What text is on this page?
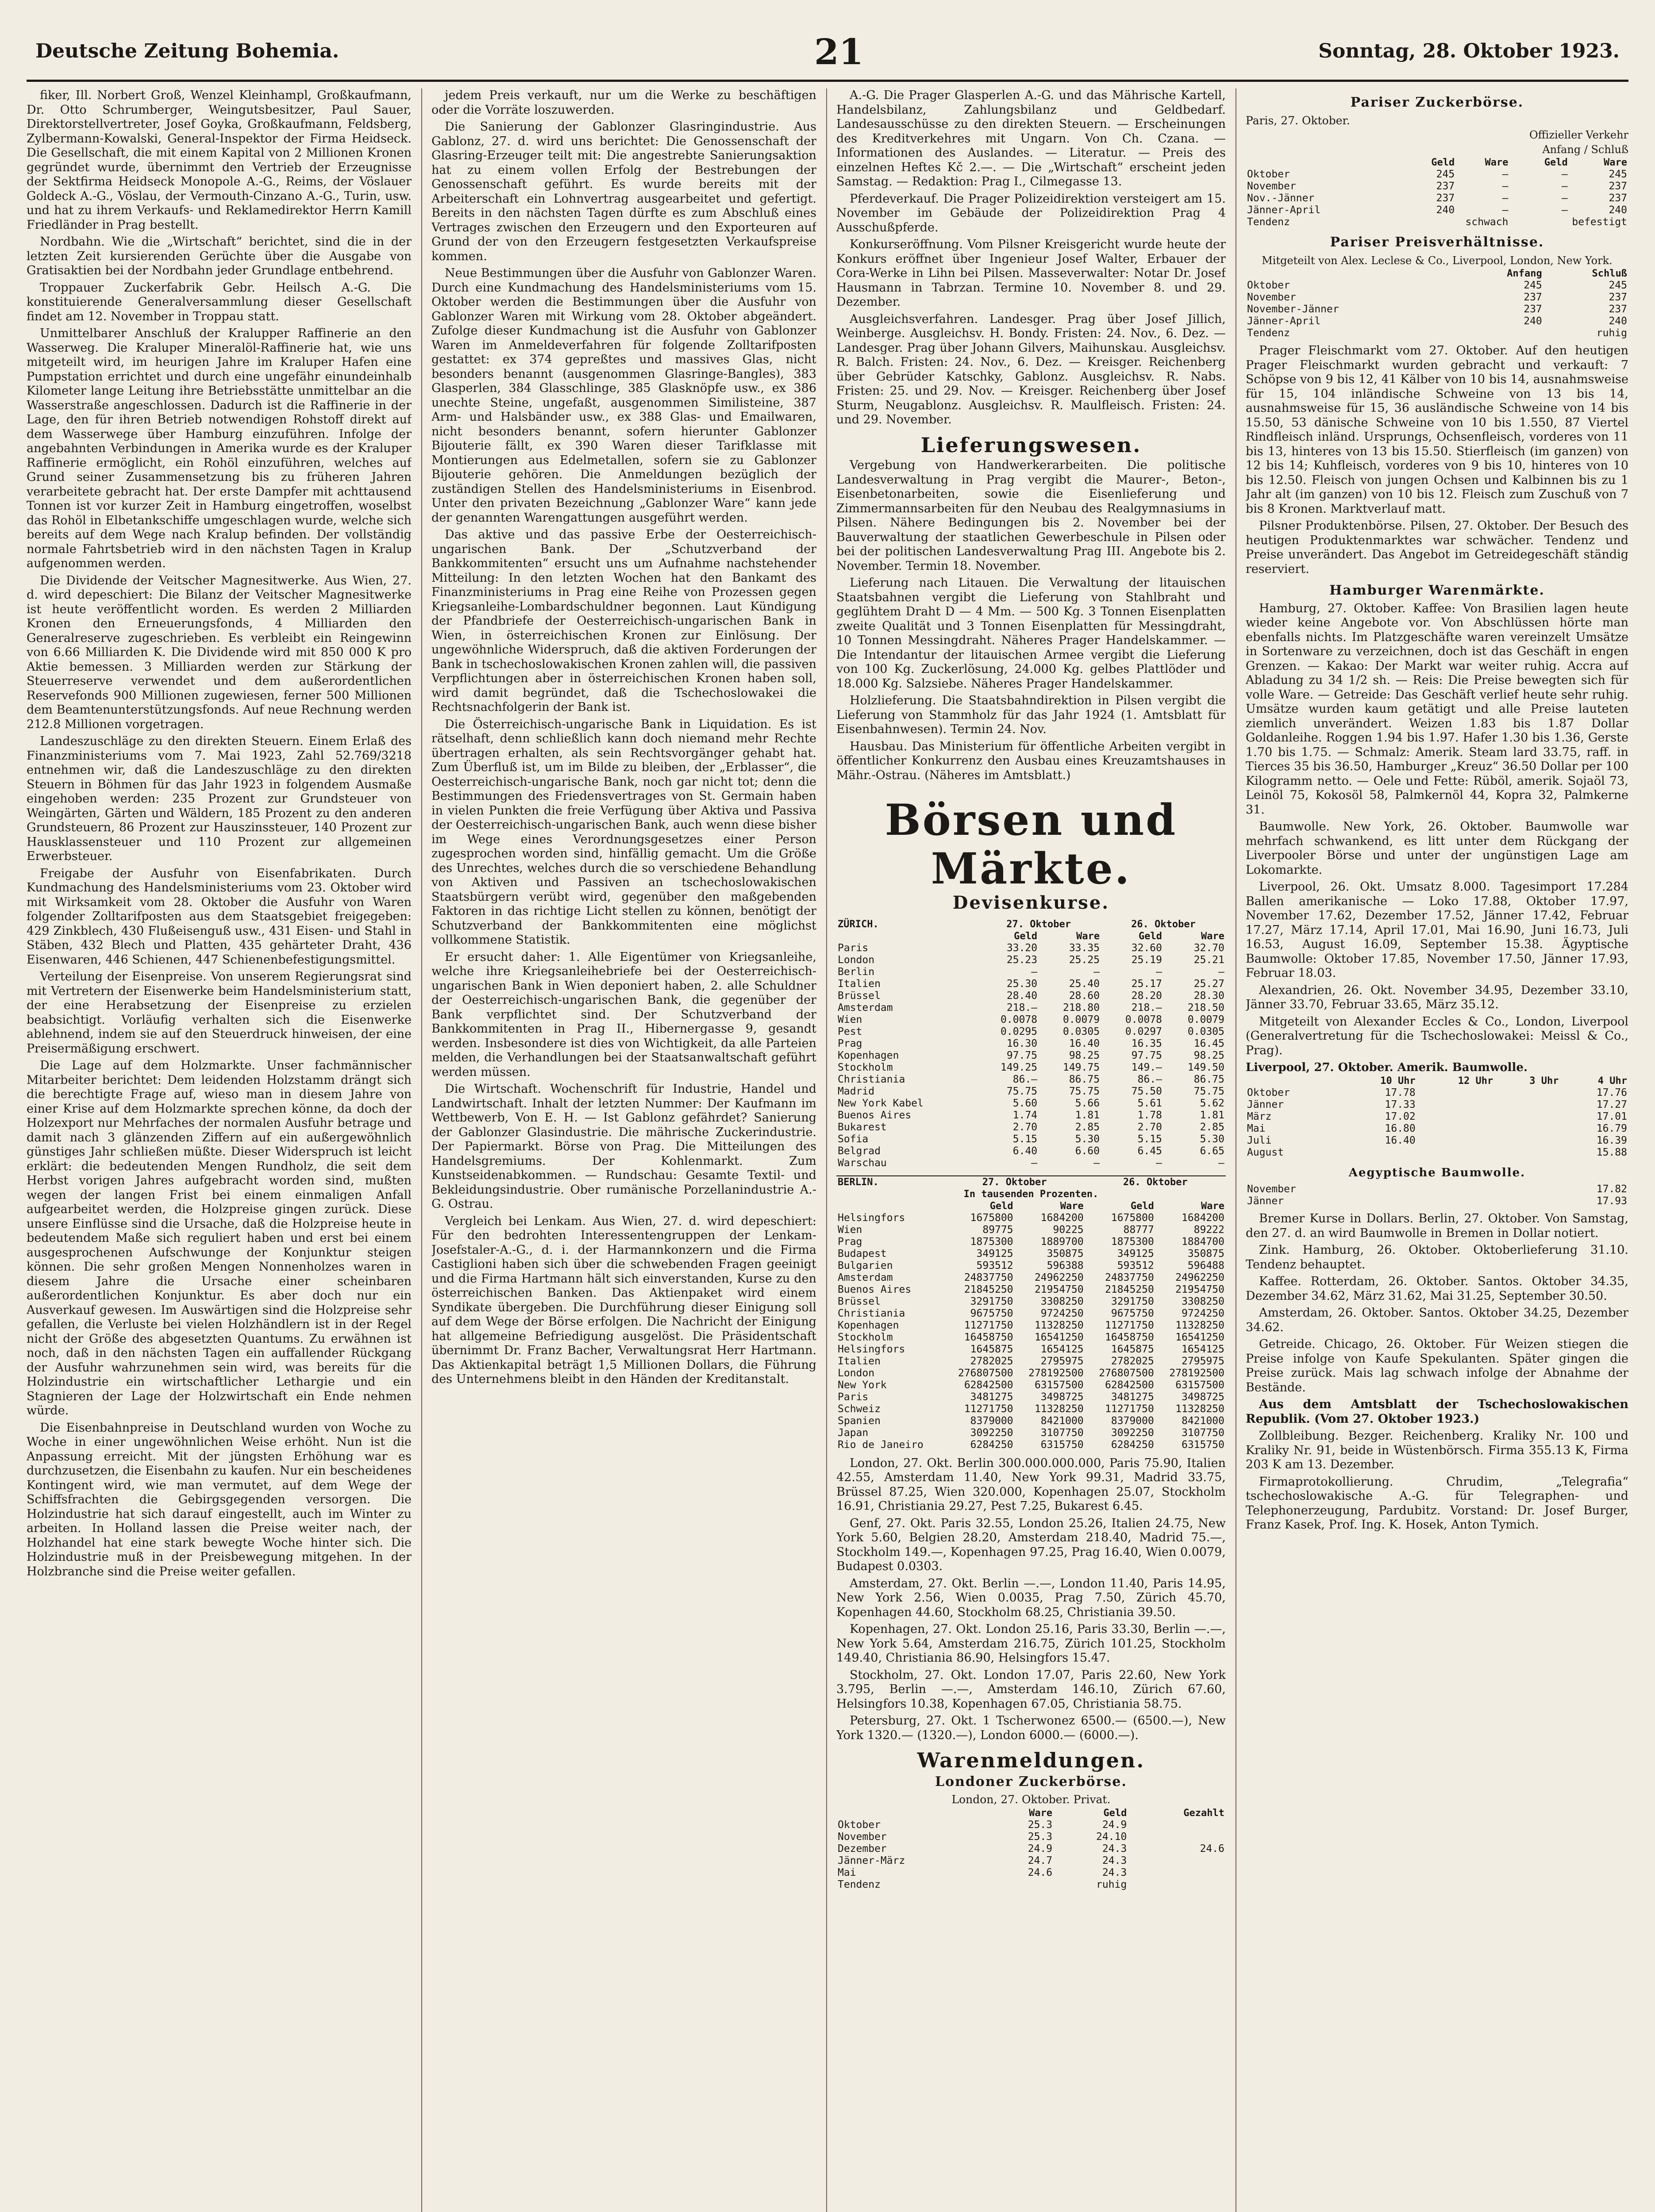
Deutsche Zeitung Bohemia.	21	Sonntag, 28. Oktober 1923.

fiker, Ill. Norbert Groß, Wenzel Kleinhampl, Großkaufmann, Dr. Otto Schrumberger, Weingutsbesitzer, Paul Sauer, Direktorstellvertreter, Josef Goyka, Großkaufmann, Feldsberg, Zylbermann-Kowalski, General-Inspektor der Firma Heidseck. Die Gesellschaft, die mit einem Kapital von 2 Millionen Kronen gegründet wurde, übernimmt den Vertrieb der Erzeugnisse der Sektfirma Heidseck Monopole A.-G., Reims, der Vöslauer Goldeck A.-G., Vöslau, der Vermouth-Cinzano A.-G., Turin, usw. und hat zu ihrem Verkaufs- und Reklamedirektor Herrn Kamill Friedländer in Prag bestellt.

Nordbahn. Wie die „Wirtschaft“ berichtet, sind die in der letzten Zeit kursierenden Gerüchte über die Ausgabe von Gratisaktien bei der Nordbahn jeder Grundlage entbehrend.

Troppauer Zuckerfabrik Gebr. Heilsch A.-G. Die konstituierende Generalversammlung dieser Gesellschaft findet am 12. November in Troppau statt.

Unmittelbarer Anschluß der Kralupper Raffinerie an den Wasserweg. Die Kraluper Mineralöl-Raffinerie hat, wie uns mitgeteilt wird, im heurigen Jahre im Kraluper Hafen eine Pumpstation errichtet und durch eine ungefähr einundeinhalb Kilometer lange Leitung ihre Betriebsstätte unmittelbar an die Wasserstraße angeschlossen. Dadurch ist die Raffinerie in der Lage, den für ihren Betrieb notwendigen Rohstoff direkt auf dem Wasserwege über Hamburg einzuführen. Infolge der angebahnten Verbindungen in Amerika wurde es der Kraluper Raffinerie ermöglicht, ein Rohöl einzuführen, welches auf Grund seiner Zusammensetzung bis zu früheren Jahren verarbeitete gebracht hat. Der erste Dampfer mit achttausend Tonnen ist vor kurzer Zeit in Hamburg eingetroffen, woselbst das Rohöl in Elbetankschiffe umgeschlagen wurde, welche sich bereits auf dem Wege nach Kralup befinden. Der vollständig normale Fahrtsbetrieb wird in den nächsten Tagen in Kralup aufgenommen werden.

Die Dividende der Veitscher Magnesitwerke. Aus Wien, 27. d. wird depeschiert: Die Bilanz der Veitscher Magnesitwerke ist heute veröffentlicht worden. Es werden 2 Milliarden Kronen den Erneuerungsfonds, 4 Milliarden den Generalreserve zugeschrieben. Es verbleibt ein Reingewinn von 6.66 Milliarden K. Die Dividende wird mit 850 000 K pro Aktie bemessen. 3 Milliarden werden zur Stärkung der Steuerreserve verwendet und dem außerordentlichen Reservefonds 900 Millionen zugewiesen, ferner 500 Millionen dem Beamtenunterstützungsfonds. Auf neue Rechnung werden 212.8 Millionen vorgetragen.

Landeszuschläge zu den direkten Steuern. Einem Erlaß des Finanzministeriums vom 7. Mai 1923, Zahl 52.769/3218 entnehmen wir, daß die Landeszuschläge zu den direkten Steuern in Böhmen für das Jahr 1923 in folgendem Ausmaße eingehoben werden: 235 Prozent zur Grundsteuer von Weingärten, Gärten und Wäldern, 185 Prozent zu den anderen Grundsteuern, 86 Prozent zur Hauszinssteuer, 140 Prozent zur Hausklassensteuer und 110 Prozent zur allgemeinen Erwerbsteuer.

Freigabe der Ausfuhr von Eisenfabrikaten. Durch Kundmachung des Handelsministeriums vom 23. Oktober wird mit Wirksamkeit vom 28. Oktober die Ausfuhr von Waren folgender Zolltarifposten aus dem Staatsgebiet freigegeben: 429 Zinkblech, 430 Flußeisenguß usw., 431 Eisen- und Stahl in Stäben, 432 Blech und Platten, 435 gehärteter Draht, 436 Eisenwaren, 446 Schienen, 447 Schienenbefestigungsmittel.

Verteilung der Eisenpreise. Von unserem Regierungsrat sind mit Vertretern der Eisenwerke beim Handelsministerium statt, der eine Herabsetzung der Eisenpreise zu erzielen beabsichtigt. Vorläufig verhalten sich die Eisenwerke ablehnend, indem sie auf den Steuerdruck hinweisen, der eine Preisermäßigung erschwert.

Die Lage auf dem Holzmarkte. Unser fachmännischer Mitarbeiter berichtet: Dem leidenden Holzstamm drängt sich die berechtigte Frage auf, wieso man in diesem Jahre von einer Krise auf dem Holzmarkte sprechen könne, da doch der Holzexport nur Mehrfaches der normalen Ausfuhr betrage und damit nach 3 glänzenden Ziffern auf ein außergewöhnlich günstiges Jahr schließen müßte. Dieser Widerspruch ist leicht erklärt: die bedeutenden Mengen Rundholz, die seit dem Herbst vorigen Jahres aufgebracht worden sind, mußten wegen der langen Frist bei einem einmaligen Anfall aufgearbeitet werden, die Holzpreise gingen zurück. Diese unsere Einflüsse sind die Ursache, daß die Holzpreise heute in bedeutendem Maße sich reguliert haben und erst bei einem ausgesprochenen Aufschwunge der Konjunktur steigen können. Die sehr großen Mengen Nonnenholzes waren in diesem Jahre die Ursache einer scheinbaren außerordentlichen Konjunktur. Es aber doch nur ein Ausverkauf gewesen. Im Auswärtigen sind die Holzpreise sehr gefallen, die Verluste bei vielen Holzhändlern ist in der Regel nicht der Größe des abgesetzten Quantums. Zu erwähnen ist noch, daß in den nächsten Tagen ein auffallender Rückgang der Ausfuhr wahrzunehmen sein wird, was bereits für die Holzindustrie ein wirtschaftlicher Lethargie und ein Stagnieren der Lage der Holzwirtschaft ein Ende nehmen würde.

Die Eisenbahnpreise in Deutschland wurden von Woche zu Woche in einer ungewöhnlichen Weise erhöht. Nun ist die Anpassung erreicht. Mit der jüngsten Erhöhung war es durchzusetzen, die Eisenbahn zu kaufen. Nur ein bescheidenes Kontingent wird, wie man vermutet, auf dem Wege der Schiffsfrachten die Gebirgsgegenden versorgen. Die Holzindustrie hat sich darauf eingestellt, auch im Winter zu arbeiten. In Holland lassen die Preise weiter nach, der Holzhandel hat eine stark bewegte Woche hinter sich. Die Holzindustrie muß in der Preisbewegung mitgehen. In der Holzbranche sind die Preise weiter gefallen.

jedem Preis verkauft, nur um die Werke zu beschäftigen oder die Vorräte loszuwerden.

Die Sanierung der Gablonzer Glasringindustrie. Aus Gablonz, 27. d. wird uns berichtet: Die Genossenschaft der Glasring-Erzeuger teilt mit: Die angestrebte Sanierungsaktion hat zu einem vollen Erfolg der Bestrebungen der Genossenschaft geführt. Es wurde bereits mit der Arbeiterschaft ein Lohnvertrag ausgearbeitet und gefertigt. Bereits in den nächsten Tagen dürfte es zum Abschluß eines Vertrages zwischen den Erzeugern und den Exporteuren auf Grund der von den Erzeugern festgesetzten Verkaufspreise kommen.

Neue Bestimmungen über die Ausfuhr von Gablonzer Waren. Durch eine Kundmachung des Handelsministeriums vom 15. Oktober werden die Bestimmungen über die Ausfuhr von Gablonzer Waren mit Wirkung vom 28. Oktober abgeändert. Zufolge dieser Kundmachung ist die Ausfuhr von Gablonzer Waren im Anmeldeverfahren für folgende Zolltarifposten gestattet: ex 374 gepreßtes und massives Glas, nicht besonders benannt (ausgenommen Glasringe-Bangles), 383 Glasperlen, 384 Glasschlinge, 385 Glasknöpfe usw., ex 386 unechte Steine, ungefaßt, ausgenommen Similisteine, 387 Arm- und Halsbänder usw., ex 388 Glas- und Emailwaren, nicht besonders benannt, sofern hierunter Gablonzer Bijouterie fällt, ex 390 Waren dieser Tarifklasse mit Montierungen aus Edelmetallen, sofern sie zu Gablonzer Bijouterie gehören. Die Anmeldungen bezüglich der zuständigen Stellen des Handelsministeriums in Eisenbrod. Unter den privaten Bezeichnung „Gablonzer Ware“ kann jede der genannten Warengattungen ausgeführt werden.

Das aktive und das passive Erbe der Oesterreichisch-ungarischen Bank. Der „Schutzverband der Bankkommitenten“ ersucht uns um Aufnahme nachstehender Mitteilung: In den letzten Wochen hat den Bankamt des Finanzministeriums in Prag eine Reihe von Prozessen gegen Kriegsanleihe-Lombardschuldner begonnen. Laut Kündigung der Pfandbriefe der Oesterreichisch-ungarischen Bank in Wien, in österreichischen Kronen zur Einlösung. Der ungewöhnliche Widerspruch, daß die aktiven Forderungen der Bank in tschechoslowakischen Kronen zahlen will, die passiven Verpflichtungen aber in österreichischen Kronen haben soll, wird damit begründet, daß die Tschechoslowakei die Rechtsnachfolgerin der Bank ist.

Die Österreichisch-ungarische Bank in Liquidation. Es ist rätselhaft, denn schließlich kann doch niemand mehr Rechte übertragen erhalten, als sein Rechtsvorgänger gehabt hat. Zum Überfluß ist, um im Bilde zu bleiben, der „Erblasser“, die Oesterreichisch-ungarische Bank, noch gar nicht tot; denn die Bestimmungen des Friedensvertrages von St. Germain haben in vielen Punkten die freie Verfügung über Aktiva und Passiva der Oesterreichisch-ungarischen Bank, auch wenn diese bisher im Wege eines Verordnungsgesetzes einer Person zugesprochen worden sind, hinfällig gemacht. Um die Größe des Unrechtes, welches durch die so verschiedene Behandlung von Aktiven und Passiven an tschechoslowakischen Staatsbürgern verübt wird, gegenüber den maßgebenden Faktoren in das richtige Licht stellen zu können, benötigt der Schutzverband der Bankkommitenten eine möglichst vollkommene Statistik.

Er ersucht daher: 1. Alle Eigentümer von Kriegsanleihe, welche ihre Kriegsanleihebriefe bei der Oesterreichisch-ungarischen Bank in Wien deponiert haben, 2. alle Schuldner der Oesterreichisch-ungarischen Bank, die gegenüber der Bank verpflichtet sind. Der Schutzverband der Bankkommitenten in Prag II., Hibernergasse 9, gesandt werden. Insbesondere ist dies von Wichtigkeit, da alle Parteien melden, die Verhandlungen bei der Staatsanwaltschaft geführt werden müssen.

Die Wirtschaft. Wochenschrift für Industrie, Handel und Landwirtschaft. Inhalt der letzten Nummer: Der Kaufmann im Wettbewerb, Von E. H. — Ist Gablonz gefährdet? Sanierung der Gablonzer Glasindustrie. Die mährische Zuckerindustrie. Der Papiermarkt. Börse von Prag. Die Mitteilungen des Handelsgremiums. Der Kohlenmarkt. Zum Kunstseidenabkommen. — Rundschau: Gesamte Textil- und Bekleidungsindustrie. Ober rumänische Porzellanindustrie A.-G. Ostrau.

Vergleich bei Lenkam. Aus Wien, 27. d. wird depeschiert: Für den bedrohten Interessentengruppen der Lenkam-Josefstaler-A.-G., d. i. der Harmannkonzern und die Firma Castiglioni haben sich über die schwebenden Fragen geeinigt und die Firma Hartmann hält sich einverstanden, Kurse zu den österreichischen Banken. Das Aktienpaket wird einem Syndikate übergeben. Die Durchführung dieser Einigung soll auf dem Wege der Börse erfolgen. Die Nachricht der Einigung hat allgemeine Befriedigung ausgelöst. Die Präsidentschaft übernimmt Dr. Franz Bacher, Verwaltungsrat Herr Hartmann. Das Aktienkapital beträgt 1,5 Millionen Dollars, die Führung des Unternehmens bleibt in den Händen der Kreditanstalt.

A.-G. Die Prager Glasperlen A.-G. und das Mährische Kartell, Handelsbilanz, Zahlungsbilanz und Geldbedarf. Landesausschüsse zu den direkten Steuern. — Erscheinungen des Kreditverkehres mit Ungarn. Von Ch. Czana. — Informationen des Auslandes. — Literatur. — Preis des einzelnen Heftes Kč 2.—. — Die „Wirtschaft“ erscheint jeden Samstag. — Redaktion: Prag I., Cilmegasse 13.

Pferdeverkauf. Die Prager Polizeidirektion versteigert am 15. November im Gebäude der Polizeidirektion Prag 4 Ausschußpferde.

Konkurseröffnung. Vom Pilsner Kreisgericht wurde heute der Konkurs eröffnet über Ingenieur Josef Walter, Erbauer der Cora-Werke in Lihn bei Pilsen. Masseverwalter: Notar Dr. Josef Hausmann in Tabrzan. Termine 10. November 8. und 29. Dezember.

Ausgleichsverfahren. Landesger. Prag über Josef Jillich, Weinberge. Ausgleichsv. H. Bondy. Fristen: 24. Nov., 6. Dez. — Landesger. Prag über Johann Gilvers, Maihunskau. Ausgleichsv. R. Balch. Fristen: 24. Nov., 6. Dez. — Kreisger. Reichenberg über Gebrüder Katschky, Gablonz. Ausgleichsv. R. Nabs. Fristen: 25. und 29. Nov. — Kreisger. Reichenberg über Josef Sturm, Neugablonz. Ausgleichsv. R. Maulfleisch. Fristen: 24. und 29. November.

Lieferungswesen.

Vergebung von Handwerkerarbeiten. Die politische Landesverwaltung in Prag vergibt die Maurer-, Beton-, Eisenbetonarbeiten, sowie die Eisenlieferung und Zimmermannsarbeiten für den Neubau des Realgymnasiums in Pilsen. Nähere Bedingungen bis 2. November bei der Bauverwaltung der staatlichen Gewerbeschule in Pilsen oder bei der politischen Landesverwaltung Prag III. Angebote bis 2. November. Termin 18. November.

Lieferung nach Litauen. Die Verwaltung der litauischen Staatsbahnen vergibt die Lieferung von Stahlbraht und geglühtem Draht D — 4 Mm. — 500 Kg. 3 Tonnen Eisenplatten zweite Qualität und 3 Tonnen Eisenplatten für Messingdraht, 10 Tonnen Messingdraht. Näheres Prager Handelskammer. — Die Intendantur der litauischen Armee vergibt die Lieferung von 100 Kg. Zuckerlösung, 24.000 Kg. gelbes Plattlöder und 18.000 Kg. Salzsiebe. Näheres Prager Handelskammer.

Holzlieferung. Die Staatsbahndirektion in Pilsen vergibt die Lieferung von Stammholz für das Jahr 1924 (1. Amtsblatt für Eisenbahnwesen). Termin 24. Nov.

Hausbau. Das Ministerium für öffentliche Arbeiten vergibt in öffentlicher Konkurrenz den Ausbau eines Kreuzamtshauses in Mähr.-Ostrau. (Näheres im Amtsblatt.)

Börsen und Märkte.
Devisenkurse.
ZÜRICH.	27. Oktober		26. Oktober	
	Geld	Ware	Geld	Ware
Paris	33.20	33.35	32.60	32.70
London	25.23	25.25	25.19	25.21
Berlin	—	—	—	—
Italien	25.30	25.40	25.17	25.27
Brüssel	28.40	28.60	28.20	28.30
Amsterdam	218.—	218.80	218.—	218.50
Wien	0.0078	0.0079	0.0078	0.0079
Pest	0.0295	0.0305	0.0297	0.0305
Prag	16.30	16.40	16.35	16.45
Kopenhagen	97.75	98.25	97.75	98.25
Stockholm	149.25	149.75	149.—	149.50
Christiania	86.—	86.75	86.—	86.75
Madrid	75.75	75.75	75.50	75.75
New York Kabel	5.60	5.66	5.61	5.62
Buenos Aires	1.74	1.81	1.78	1.81
Bukarest	2.70	2.85	2.70	2.85
Sofia	5.15	5.30	5.15	5.30
Belgrad	6.40	6.60	6.45	6.65
Warschau	—	—	—	—
BERLIN.	27. Oktober		26. Oktober	
In tausenden Prozenten.				
	Geld	Ware	Geld	Ware
Helsingfors	1675800	1684200	1675800	1684200
Wien	89775	90225	88777	89222
Prag	1875300	1889700	1875300	1884700
Budapest	349125	350875	349125	350875
Bulgarien	593512	596388	593512	596488
Amsterdam	24837750	24962250	24837750	24962250
Buenos Aires	21845250	21954750	21845250	21954750
Brüssel	3291750	3308250	3291750	3308250
Christiania	9675750	9724250	9675750	9724250
Kopenhagen	11271750	11328250	11271750	11328250
Stockholm	16458750	16541250	16458750	16541250
Helsingfors	1645875	1654125	1645875	1654125
Italien	2782025	2795975	2782025	2795975
London	276807500	278192500	276807500	278192500
New York	62842500	63157500	62842500	63157500
Paris	3481275	3498725	3481275	3498725
Schweiz	11271750	11328250	11271750	11328250
Spanien	8379000	8421000	8379000	8421000
Japan	3092250	3107750	3092250	3107750
Rio de Janeiro	6284250	6315750	6284250	6315750

London, 27. Okt. Berlin 300.000.000.000, Paris 75.90, Italien 42.55, Amsterdam 11.40, New York 99.31, Madrid 33.75, Brüssel 87.25, Wien 320.000, Kopenhagen 25.07, Stockholm 16.91, Christiania 29.27, Pest 7.25, Bukarest 6.45.

Genf, 27. Okt. Paris 32.55, London 25.26, Italien 24.75, New York 5.60, Belgien 28.20, Amsterdam 218.40, Madrid 75.—, Stockholm 149.—, Kopenhagen 97.25, Prag 16.40, Wien 0.0079, Budapest 0.0303.

Amsterdam, 27. Okt. Berlin —.—, London 11.40, Paris 14.95, New York 2.56, Wien 0.0035, Prag 7.50, Zürich 45.70, Kopenhagen 44.60, Stockholm 68.25, Christiania 39.50.

Kopenhagen, 27. Okt. London 25.16, Paris 33.30, Berlin —.—, New York 5.64, Amsterdam 216.75, Zürich 101.25, Stockholm 149.40, Christiania 86.90, Helsingfors 15.47.

Stockholm, 27. Okt. London 17.07, Paris 22.60, New York 3.795, Berlin —.—, Amsterdam 146.10, Zürich 67.60, Helsingfors 10.38, Kopenhagen 67.05, Christiania 58.75.

Petersburg, 27. Okt. 1 Tscherwonez 6500.— (6500.—), New York 1320.— (1320.—), London 6000.— (6000.—).

Warenmeldungen.
Londoner Zuckerbörse.
London, 27. Oktober. Privat.
	Ware	Geld	Gezahlt
Oktober	25.3	24.9	
November	25.3	24.10	
Dezember	24.9	24.3	24.6
Jänner-März	24.7	24.3	
Mai	24.6	24.3	
Tendenz		ruhig	
Pariser Zuckerbörse.
Paris, 27. Oktober.
Offizieller Verkehr
Anfang / Schluß
	Geld	Ware	Geld	Ware
Oktober	245	—	—	245
November	237	—	—	237
Nov.-Jänner	237	—	—	237
Jänner-April	240	—	—	240
Tendenz	schwach		befestigt	
Pariser Preisverhältnisse.
Mitgeteilt von Alex. Leclese & Co., Liverpool, London, New York.
	Anfang	Schluß
Oktober	245	245
November	237	237
November-Jänner	237	237
Jänner-April	240	240
Tendenz		ruhig

Prager Fleischmarkt vom 27. Oktober. Auf den heutigen Prager Fleischmarkt wurden gebracht und verkauft: 7 Schöpse von 9 bis 12, 41 Kälber von 10 bis 14, ausnahmsweise für 15, 104 inländische Schweine von 13 bis 14, ausnahmsweise für 15, 36 ausländische Schweine von 14 bis 15.50, 53 dänische Schweine von 10 bis 1.550, 87 Viertel Rindfleisch inländ. Ursprungs, Ochsenfleisch, vorderes von 11 bis 13, hinteres von 13 bis 15.50. Stierfleisch (im ganzen) von 12 bis 14; Kuhfleisch, vorderes von 9 bis 10, hinteres von 10 bis 12.50. Fleisch von jungen Ochsen und Kalbinnen bis zu 1 Jahr alt (im ganzen) von 10 bis 12. Fleisch zum Zuschuß von 7 bis 8 Kronen. Marktverlauf matt.

Pilsner Produktenbörse. Pilsen, 27. Oktober. Der Besuch des heutigen Produktenmarktes war schwächer. Tendenz und Preise unverändert. Das Angebot im Getreidegeschäft ständig reserviert.

Hamburger Warenmärkte.

Hamburg, 27. Oktober. Kaffee: Von Brasilien lagen heute wieder keine Angebote vor. Von Abschlüssen hörte man ebenfalls nichts. Im Platzgeschäfte waren vereinzelt Umsätze in Sortenware zu verzeichnen, doch ist das Geschäft in engen Grenzen. — Kakao: Der Markt war weiter ruhig. Accra auf Abladung zu 34 1/2 sh. — Reis: Die Preise bewegten sich für volle Ware. — Getreide: Das Geschäft verlief heute sehr ruhig. Umsätze wurden kaum getätigt und alle Preise lauteten ziemlich unverändert. Weizen 1.83 bis 1.87 Dollar Goldanleihe. Roggen 1.94 bis 1.97. Hafer 1.30 bis 1.36, Gerste 1.70 bis 1.75. — Schmalz: Amerik. Steam lard 33.75, raff. in Tierces 35 bis 36.50, Hamburger „Kreuz“ 36.50 Dollar per 100 Kilogramm netto. — Oele und Fette: Rüböl, amerik. Sojaöl 73, Leinöl 75, Kokosöl 58, Palmkernöl 44, Kopra 32, Palmkerne 31.

Baumwolle. New York, 26. Oktober. Baumwolle war mehrfach schwankend, es litt unter dem Rückgang der Liverpooler Börse und unter der ungünstigen Lage am Lokomarkte.

Liverpool, 26. Okt. Umsatz 8.000. Tagesimport 17.284 Ballen amerikanische — Loko 17.88, Oktober 17.97, November 17.62, Dezember 17.52, Jänner 17.42, Februar 17.27, März 17.14, April 17.01, Mai 16.90, Juni 16.73, Juli 16.53, August 16.09, September 15.38. Ägyptische Baumwolle: Oktober 17.85, November 17.50, Jänner 17.93, Februar 18.03.

Alexandrien, 26. Okt. November 34.95, Dezember 33.10, Jänner 33.70, Februar 33.65, März 35.12.

Mitgeteilt von Alexander Eccles & Co., London, Liverpool (Generalvertretung für die Tschechoslowakei: Meissl & Co., Prag).

Liverpool, 27. Oktober. Amerik. Baumwolle.
	10 Uhr	12 Uhr	3 Uhr	4 Uhr
Oktober	17.78			17.76
Jänner	17.33			17.27
März	17.02			17.01
Mai	16.80			16.79
Juli	16.40			16.39
August				15.88
Aegyptische Baumwolle.
November				17.82
Jänner				17.93

Bremer Kurse in Dollars. Berlin, 27. Oktober. Von Samstag, den 27. d. an wird Baumwolle in Bremen in Dollar notiert.

Zink. Hamburg, 26. Oktober. Oktoberlieferung 31.10. Tendenz behauptet.

Kaffee. Rotterdam, 26. Oktober. Santos. Oktober 34.35, Dezember 34.62, März 31.62, Mai 31.25, September 30.50.

Amsterdam, 26. Oktober. Santos. Oktober 34.25, Dezember 34.62.

Getreide. Chicago, 26. Oktober. Für Weizen stiegen die Preise infolge von Kaufe Spekulanten. Später gingen die Preise zurück. Mais lag schwach infolge der Abnahme der Bestände.

Aus dem Amtsblatt der Tschechoslowakischen Republik. (Vom 27. Oktober 1923.)

Zollbleibung. Bezger. Reichenberg. Kraliky Nr. 100 und Kraliky Nr. 91, beide in Wüstenbörsch. Firma 355.13 K, Firma 203 K am 13. Dezember.

Firmaprotokollierung. Chrudim, „Telegrafia“ tschechoslowakische A.-G. für Telegraphen- und Telephonerzeugung, Pardubitz. Vorstand: Dr. Josef Burger, Franz Kasek, Prof. Ing. K. Hosek, Anton Tymich.
